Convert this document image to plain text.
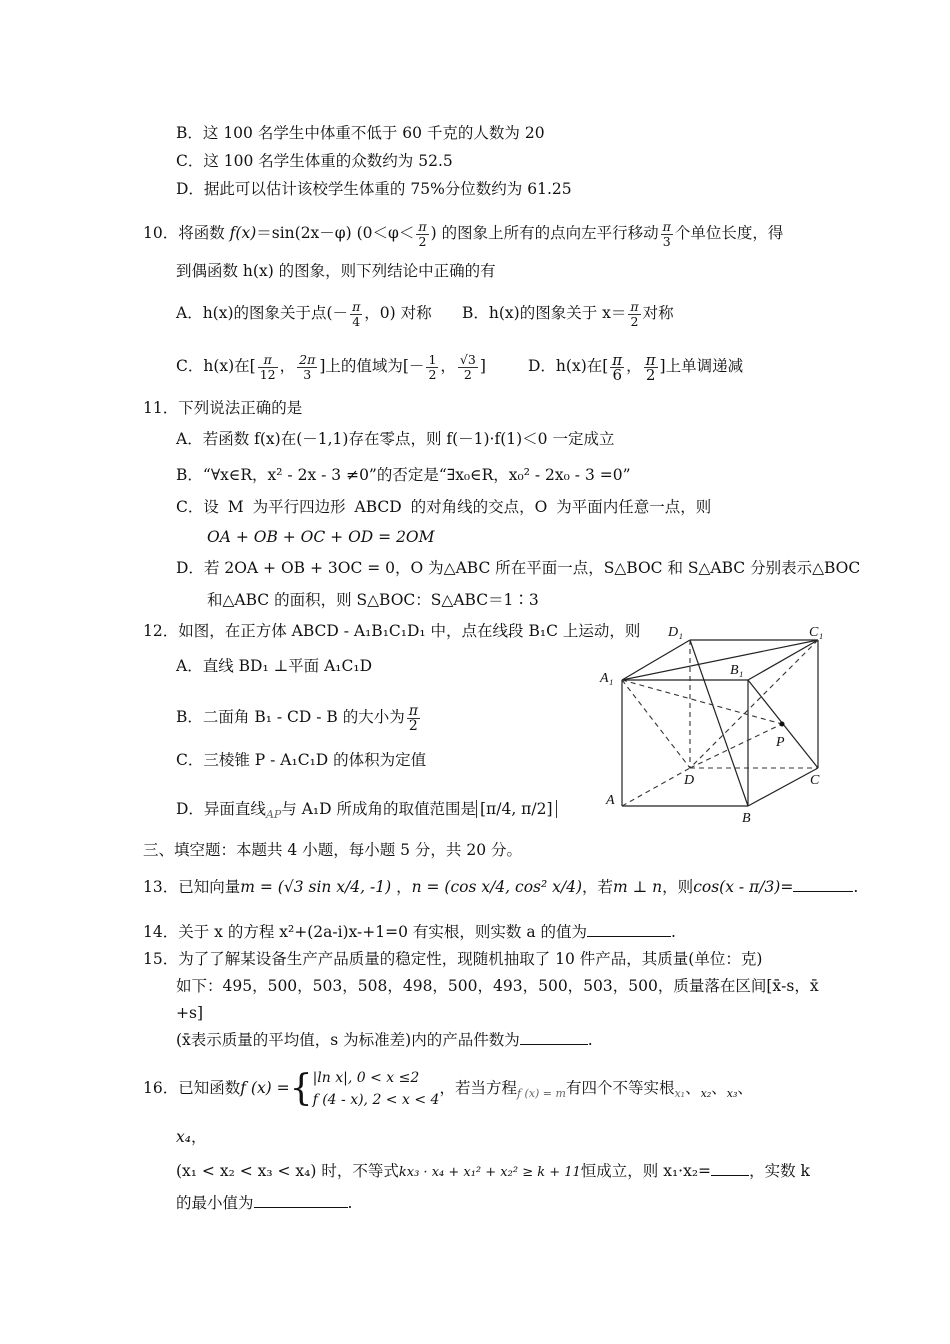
B．这 100 名学生中体重不低于 60 千克的人数为 20
C．这 100 名学生体重的众数约为 52.5
D．据此可以估计该校学生体重的 75%分位数约为 61.25
10．将函数 f(x)＝sin(2x－φ) ($0<\varphi< \frac{\pi}{2}$ ) 的图象上所有的点向左平行移动 $\frac{\pi}{3}$ 个单位长度，得
到偶函数 h(x) 的图象，则下列结论中正确的有
A．h(x)的图象关于点(－ $\frac{\pi}{4}$ ，0) 对称 B．h(x)的图象关于 $x= \frac{\pi}{2}$ 对称
C．h(x)在[ $\frac{\pi}{12}$ ， $\frac{2\pi}{3}$ ]上的值域为[－ $\frac{1}{2}$ ， $\frac{√3}{2}$ ]	D．h(x)在[ $\frac{\pi}{6}$ ， $\frac{\pi}{2}$ ]上单调递减
11．下列说法正确的是
A．若函数 f(x)在(－1,1)存在零点，则 f(－1)·f(1)＜0 一定成立
B．“∀x∈R，x² - 2x - 3 ≠0”的否定是“∃x₀∈R，x₀² - 2x₀ - 3 =0”
C．设 M 为平行四边形 ABCD 的对角线的交点，O 为平面内任意一点，则
OA + OB + OC + OD = 2OM
D．若 2OA + OB + 3OC = 0，O 为△ABC 所在平面一点，S△BOC 和 S△ABC 分别表示△BOC
和△ABC 的面积，则 S△BOC：S△ABC＝1∶3
12．如图，在正方体 ABCD - A₁B₁C₁D₁ 中，点在线段 B₁C 上运动，则
A．直线 BD₁ ⊥平面 A₁C₁D
B．二面角 B₁ - CD - B 的大小为 $\frac{\pi}{2}$
C．三棱锥 P - A₁C₁D 的体积为定值
D．异面直线$_{AP}$与 A₁D 所成角的取值范围是 [π/4, π/2]
D₁	C₁
B₁
A₁
P
D	C
A
B
三、填空题：本题共 4 小题，每小题 5 分，共 20 分。
13．已知向量m = (√3 sin x/4, -1) ，n = (cos x/4, cos² x/4)，若m ⊥ n，则cos(x - π/3)=	.
14．关于 x 的方程 x²+(2a-i)x-+1=0 有实根，则实数 a 的值为	.
15．为了了解某设备生产产品质量的稳定性，现随机抽取了 10 件产品，其质量(单位：克)
如下：495，500，503，508，498，500，493，500，503，500，质量落在区间[x̄-s，x̄
+s]
(x̄表示质量的平均值，s 为标准差)内的产品件数为	.
16．已知函数f (x) ={ |ln x|, 0 < x ≤2
f (4 - x), 2 < x < 4
，若当方程$_{f (x) = m}$有四个不等实根$_{x_1}$、$_{x_2}$、$_{x_3}$、
x₄，
(x₁ < x₂ < x₃ < x₄) 时，不等式kx₃ · x₄ + x₁² + x₂² ≥ k + 11恒成立，则 x₁·x₂= ，实数 k
的最小值为	.
